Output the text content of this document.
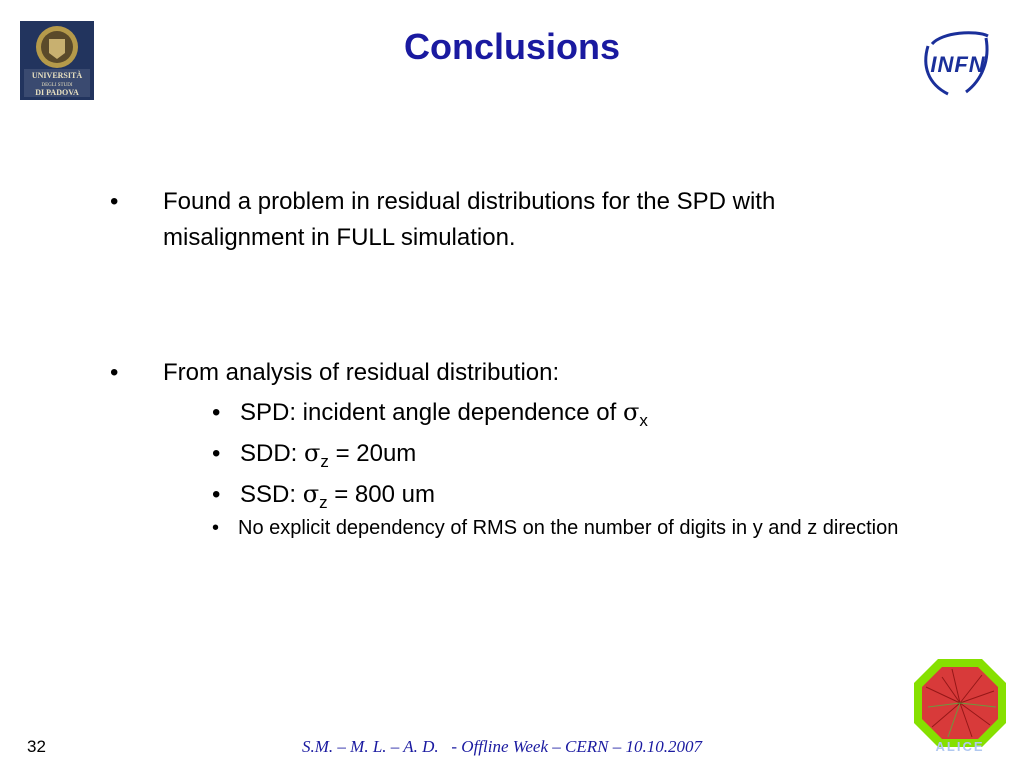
UNIVERSITÀ
DEGLI STUDI
DI PADOVA
Conclusions	INFN
• Found a problem in residual distributions for the SPD with misalignment in FULL simulation.
• From analysis of residual distribution:
• SPD: incident angle dependence of $\sigma_x$
• SDD: $\sigma_z = 20um$
• SSD: $\sigma_z = 800$ um
• No explicit dependency of RMS on the number of digits in y and z direction
ALICE
32	S.M. – M. L. – A. D.   - Offline Week – CERN – 10.10.2007
